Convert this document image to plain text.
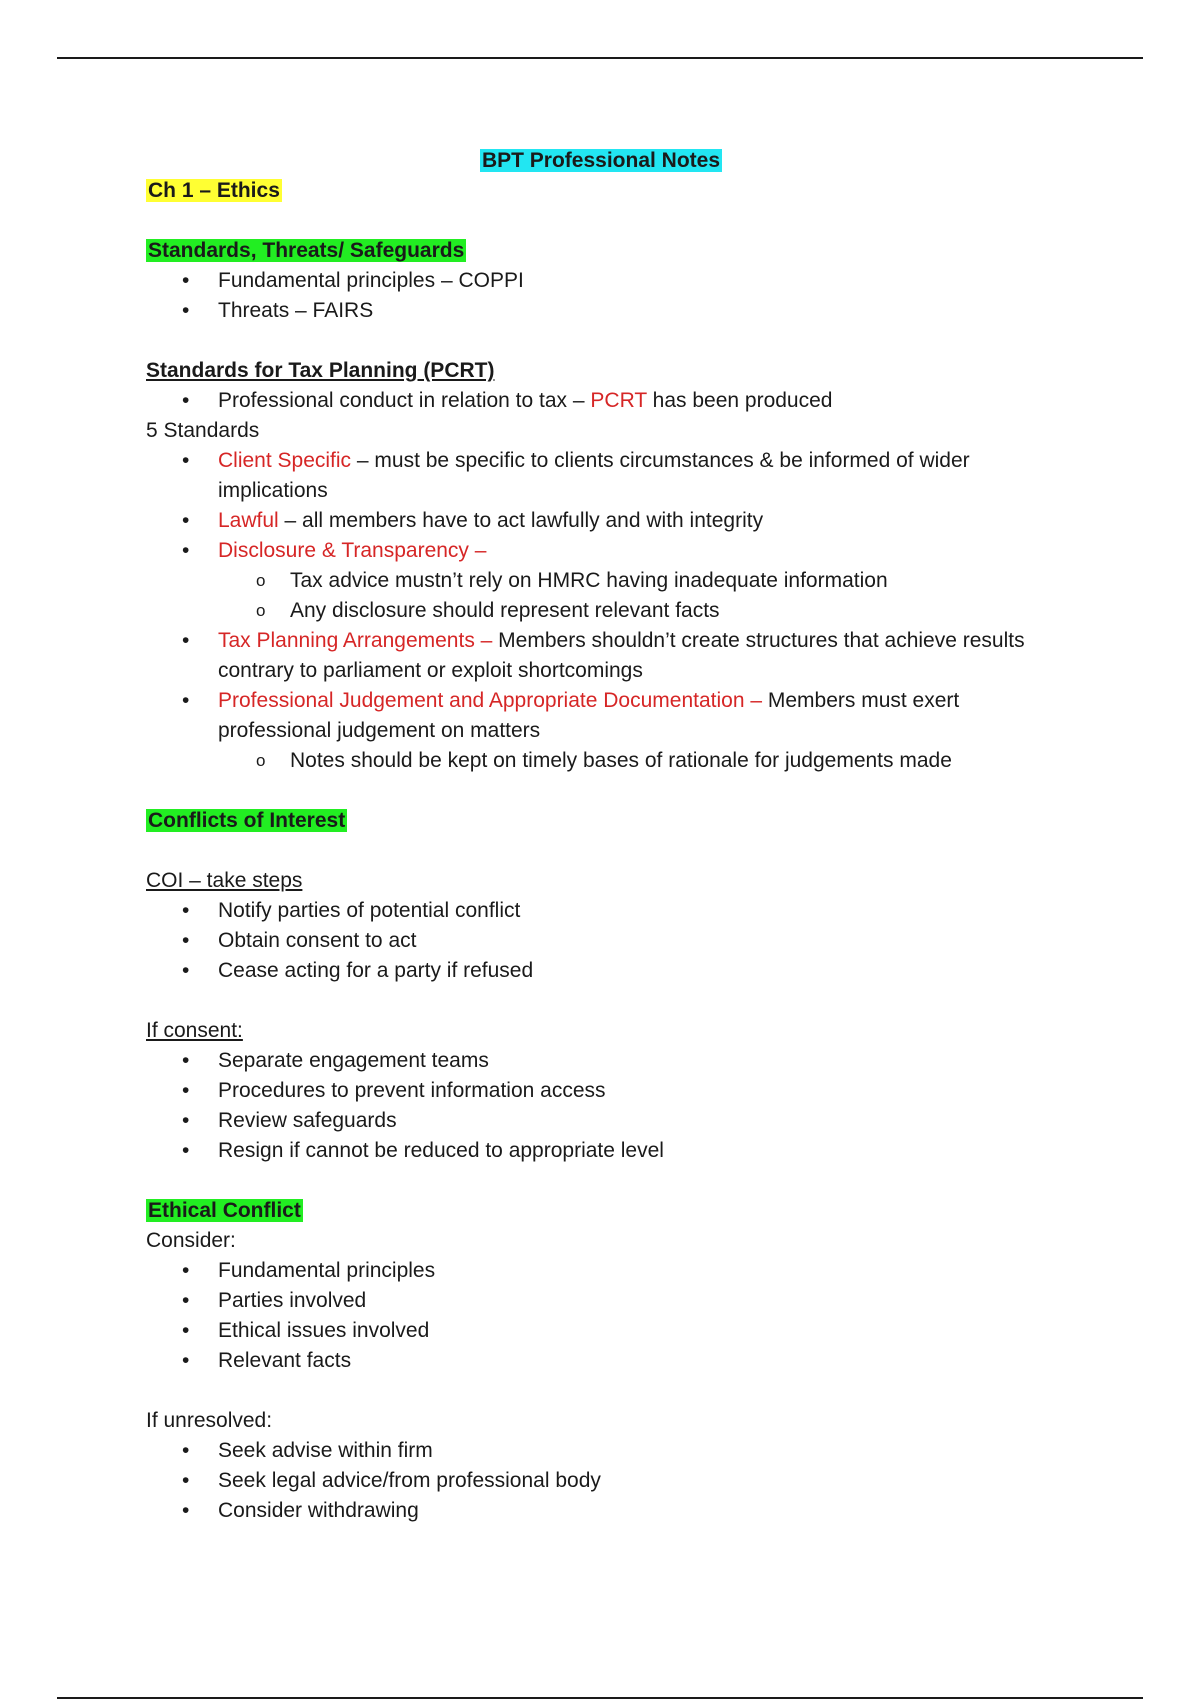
BPT Professional Notes
Ch 1 – Ethics
Standards, Threats/ Safeguards
• Fundamental principles – COPPI
• Threats – FAIRS
Standards for Tax Planning (PCRT)
• Professional conduct in relation to tax – PCRT has been produced
5 Standards
• Client Specific – must be specific to clients circumstances & be informed of wider implications
• Lawful – all members have to act lawfully and with integrity
• Disclosure & Transparency –
o Tax advice mustn’t rely on HMRC having inadequate information
o Any disclosure should represent relevant facts
• Tax Planning Arrangements – Members shouldn’t create structures that achieve results contrary to parliament or exploit shortcomings
• Professional Judgement and Appropriate Documentation – Members must exert professional judgement on matters
o Notes should be kept on timely bases of rationale for judgements made
Conflicts of Interest
COI – take steps
• Notify parties of potential conflict
• Obtain consent to act
• Cease acting for a party if refused
If consent:
• Separate engagement teams
• Procedures to prevent information access
• Review safeguards
• Resign if cannot be reduced to appropriate level
Ethical Conflict
Consider:
• Fundamental principles
• Parties involved
• Ethical issues involved
• Relevant facts
If unresolved:
• Seek advise within firm
• Seek legal advice/from professional body
• Consider withdrawing
